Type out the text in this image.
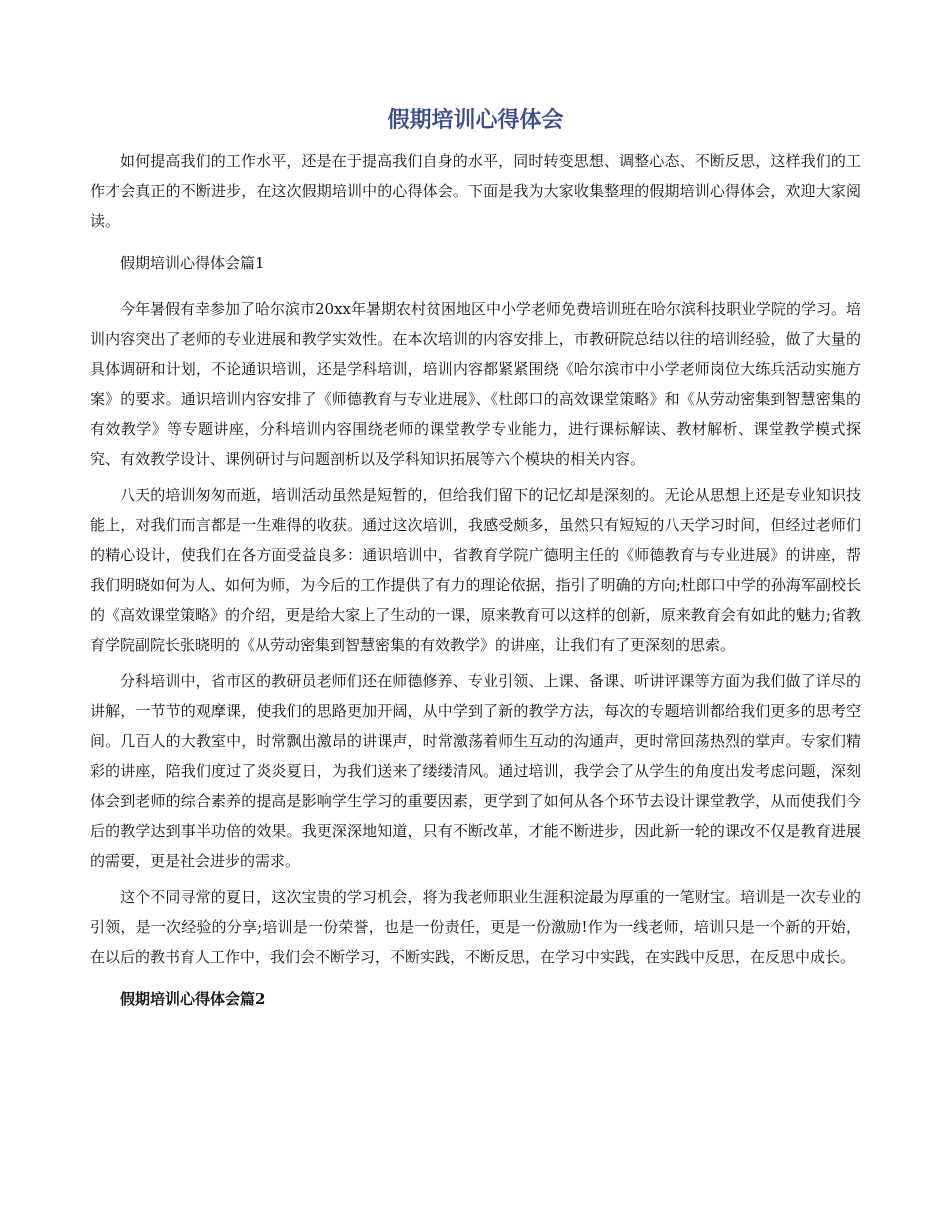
假期培训心得体会

如何提高我们的工作水平，还是在于提高我们自身的水平，同时转变思想、调整心态、不断反思，这样我们的工作才会真正的不断进步，在这次假期培训中的心得体会。下面是我为大家收集整理的假期培训心得体会，欢迎大家阅读。

假期培训心得体会篇1

今年暑假有幸参加了哈尔滨市20xx年暑期农村贫困地区中小学老师免费培训班在哈尔滨科技职业学院的学习。培训内容突出了老师的专业进展和教学实效性。在本次培训的内容安排上，市教研院总结以往的培训经验，做了大量的具体调研和计划，不论通识培训，还是学科培训，培训内容都紧紧围绕《哈尔滨市中小学老师岗位大练兵活动实施方案》的要求。通识培训内容安排了《师德教育与专业进展》、《杜郎口的高效课堂策略》和《从劳动密集到智慧密集的有效教学》等专题讲座，分科培训内容围绕老师的课堂教学专业能力，进行课标解读、教材解析、课堂教学模式探究、有效教学设计、课例研讨与问题剖析以及学科知识拓展等六个模块的相关内容。

八天的培训匆匆而逝，培训活动虽然是短暂的，但给我们留下的记忆却是深刻的。无论从思想上还是专业知识技能上，对我们而言都是一生难得的收获。通过这次培训，我感受颇多，虽然只有短短的八天学习时间，但经过老师们的精心设计，使我们在各方面受益良多：通识培训中，省教育学院广德明主任的《师德教育与专业进展》的讲座，帮我们明晓如何为人、如何为师，为今后的工作提供了有力的理论依据，指引了明确的方向;杜郎口中学的孙海军副校长的《高效课堂策略》的介绍，更是给大家上了生动的一课，原来教育可以这样的创新，原来教育会有如此的魅力;省教育学院副院长张晓明的《从劳动密集到智慧密集的有效教学》的讲座，让我们有了更深刻的思索。

分科培训中，省市区的教研员老师们还在师德修养、专业引领、上课、备课、听讲评课等方面为我们做了详尽的讲解，一节节的观摩课，使我们的思路更加开阔，从中学到了新的教学方法，每次的专题培训都给我们更多的思考空间。几百人的大教室中，时常飘出激昂的讲课声，时常激荡着师生互动的沟通声，更时常回荡热烈的掌声。专家们精彩的讲座，陪我们度过了炎炎夏日，为我们送来了缕缕清风。通过培训，我学会了从学生的角度出发考虑问题，深刻体会到老师的综合素养的提高是影响学生学习的重要因素，更学到了如何从各个环节去设计课堂教学，从而使我们今后的教学达到事半功倍的效果。我更深深地知道，只有不断改革，才能不断进步，因此新一轮的课改不仅是教育进展的需要，更是社会进步的需求。

这个不同寻常的夏日，这次宝贵的学习机会，将为我老师职业生涯积淀最为厚重的一笔财宝。培训是一次专业的引领，是一次经验的分享;培训是一份荣誉，也是一份责任，更是一份激励!作为一线老师，培训只是一个新的开始，在以后的教书育人工作中，我们会不断学习，不断实践，不断反思，在学习中实践，在实践中反思，在反思中成长。

假期培训心得体会篇2
